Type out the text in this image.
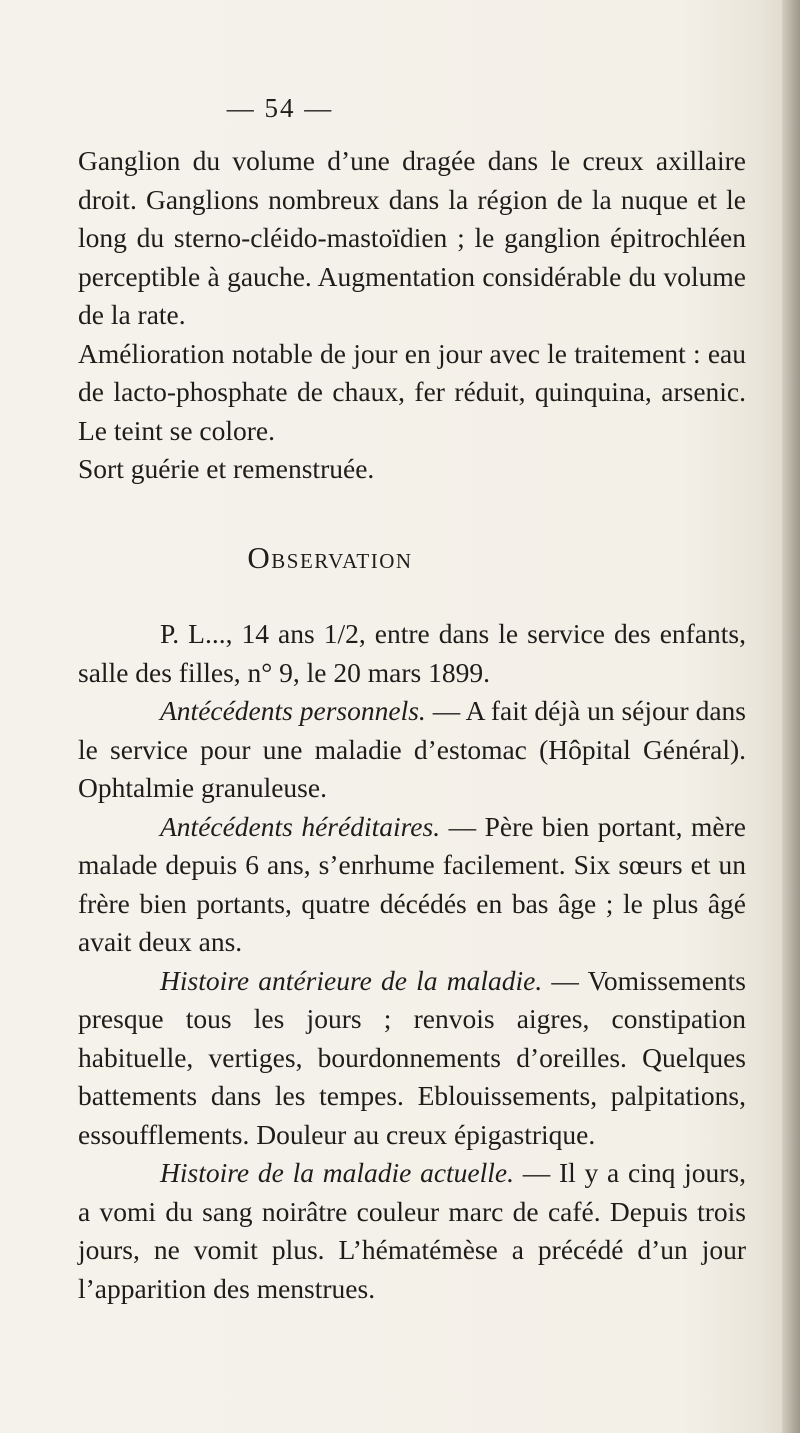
— 54 —

Ganglion du volume d’une dragée dans le creux axillaire droit. Ganglions nombreux dans la région de la nuque et le long du sterno-cléido-mastoïdien ; le ganglion épitrochléen perceptible à gauche. Augmentation considérable du volume de la rate.

Amélioration notable de jour en jour avec le traitement : eau de lacto-phosphate de chaux, fer réduit, quinquina, arsenic. Le teint se colore.

Sort guérie et remenstruée.

OBSERVATION

P. L..., 14 ans 1/2, entre dans le service des enfants, salle des filles, n° 9, le 20 mars 1899.

Antécédents personnels. — A fait déjà un séjour dans le service pour une maladie d’estomac (Hôpital Général). Ophtalmie granuleuse.

Antécédents héréditaires. — Père bien portant, mère malade depuis 6 ans, s’enrhume facilement. Six sœurs et un frère bien portants, quatre décédés en bas âge ; le plus âgé avait deux ans.

Histoire antérieure de la maladie. — Vomissements presque tous les jours ; renvois aigres, constipation habituelle, vertiges, bourdonnements d’oreilles. Quelques battements dans les tempes. Eblouissements, palpitations, essoufflements. Douleur au creux épigastrique.

Histoire de la maladie actuelle. — Il y a cinq jours, a vomi du sang noirâtre couleur marc de café. Depuis trois jours, ne vomit plus. L’hématémèse a précédé d’un jour l’apparition des menstrues.
